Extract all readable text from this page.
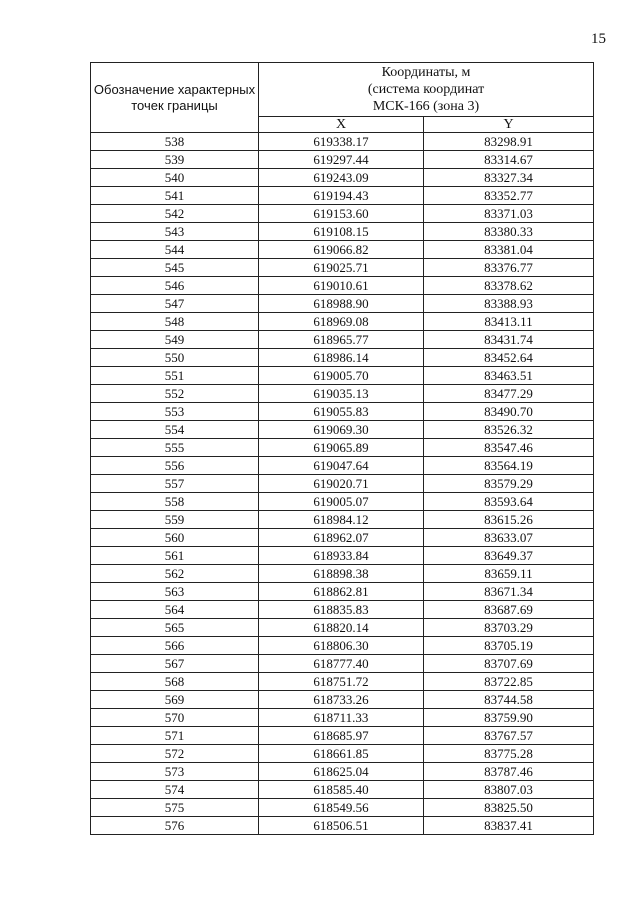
15
Обозначение характерных точек границы	Координаты, м
(система координат
МСК-166 (зона 3)	

	X	Y
538	619338.17	83298.91
539	619297.44	83314.67
540	619243.09	83327.34
541	619194.43	83352.77
542	619153.60	83371.03
543	619108.15	83380.33
544	619066.82	83381.04
545	619025.71	83376.77
546	619010.61	83378.62
547	618988.90	83388.93
548	618969.08	83413.11
549	618965.77	83431.74
550	618986.14	83452.64
551	619005.70	83463.51
552	619035.13	83477.29
553	619055.83	83490.70
554	619069.30	83526.32
555	619065.89	83547.46
556	619047.64	83564.19
557	619020.71	83579.29
558	619005.07	83593.64
559	618984.12	83615.26
560	618962.07	83633.07
561	618933.84	83649.37
562	618898.38	83659.11
563	618862.81	83671.34
564	618835.83	83687.69
565	618820.14	83703.29
566	618806.30	83705.19
567	618777.40	83707.69
568	618751.72	83722.85
569	618733.26	83744.58
570	618711.33	83759.90
571	618685.97	83767.57
572	618661.85	83775.28
573	618625.04	83787.46
574	618585.40	83807.03
575	618549.56	83825.50
576	618506.51	83837.41
